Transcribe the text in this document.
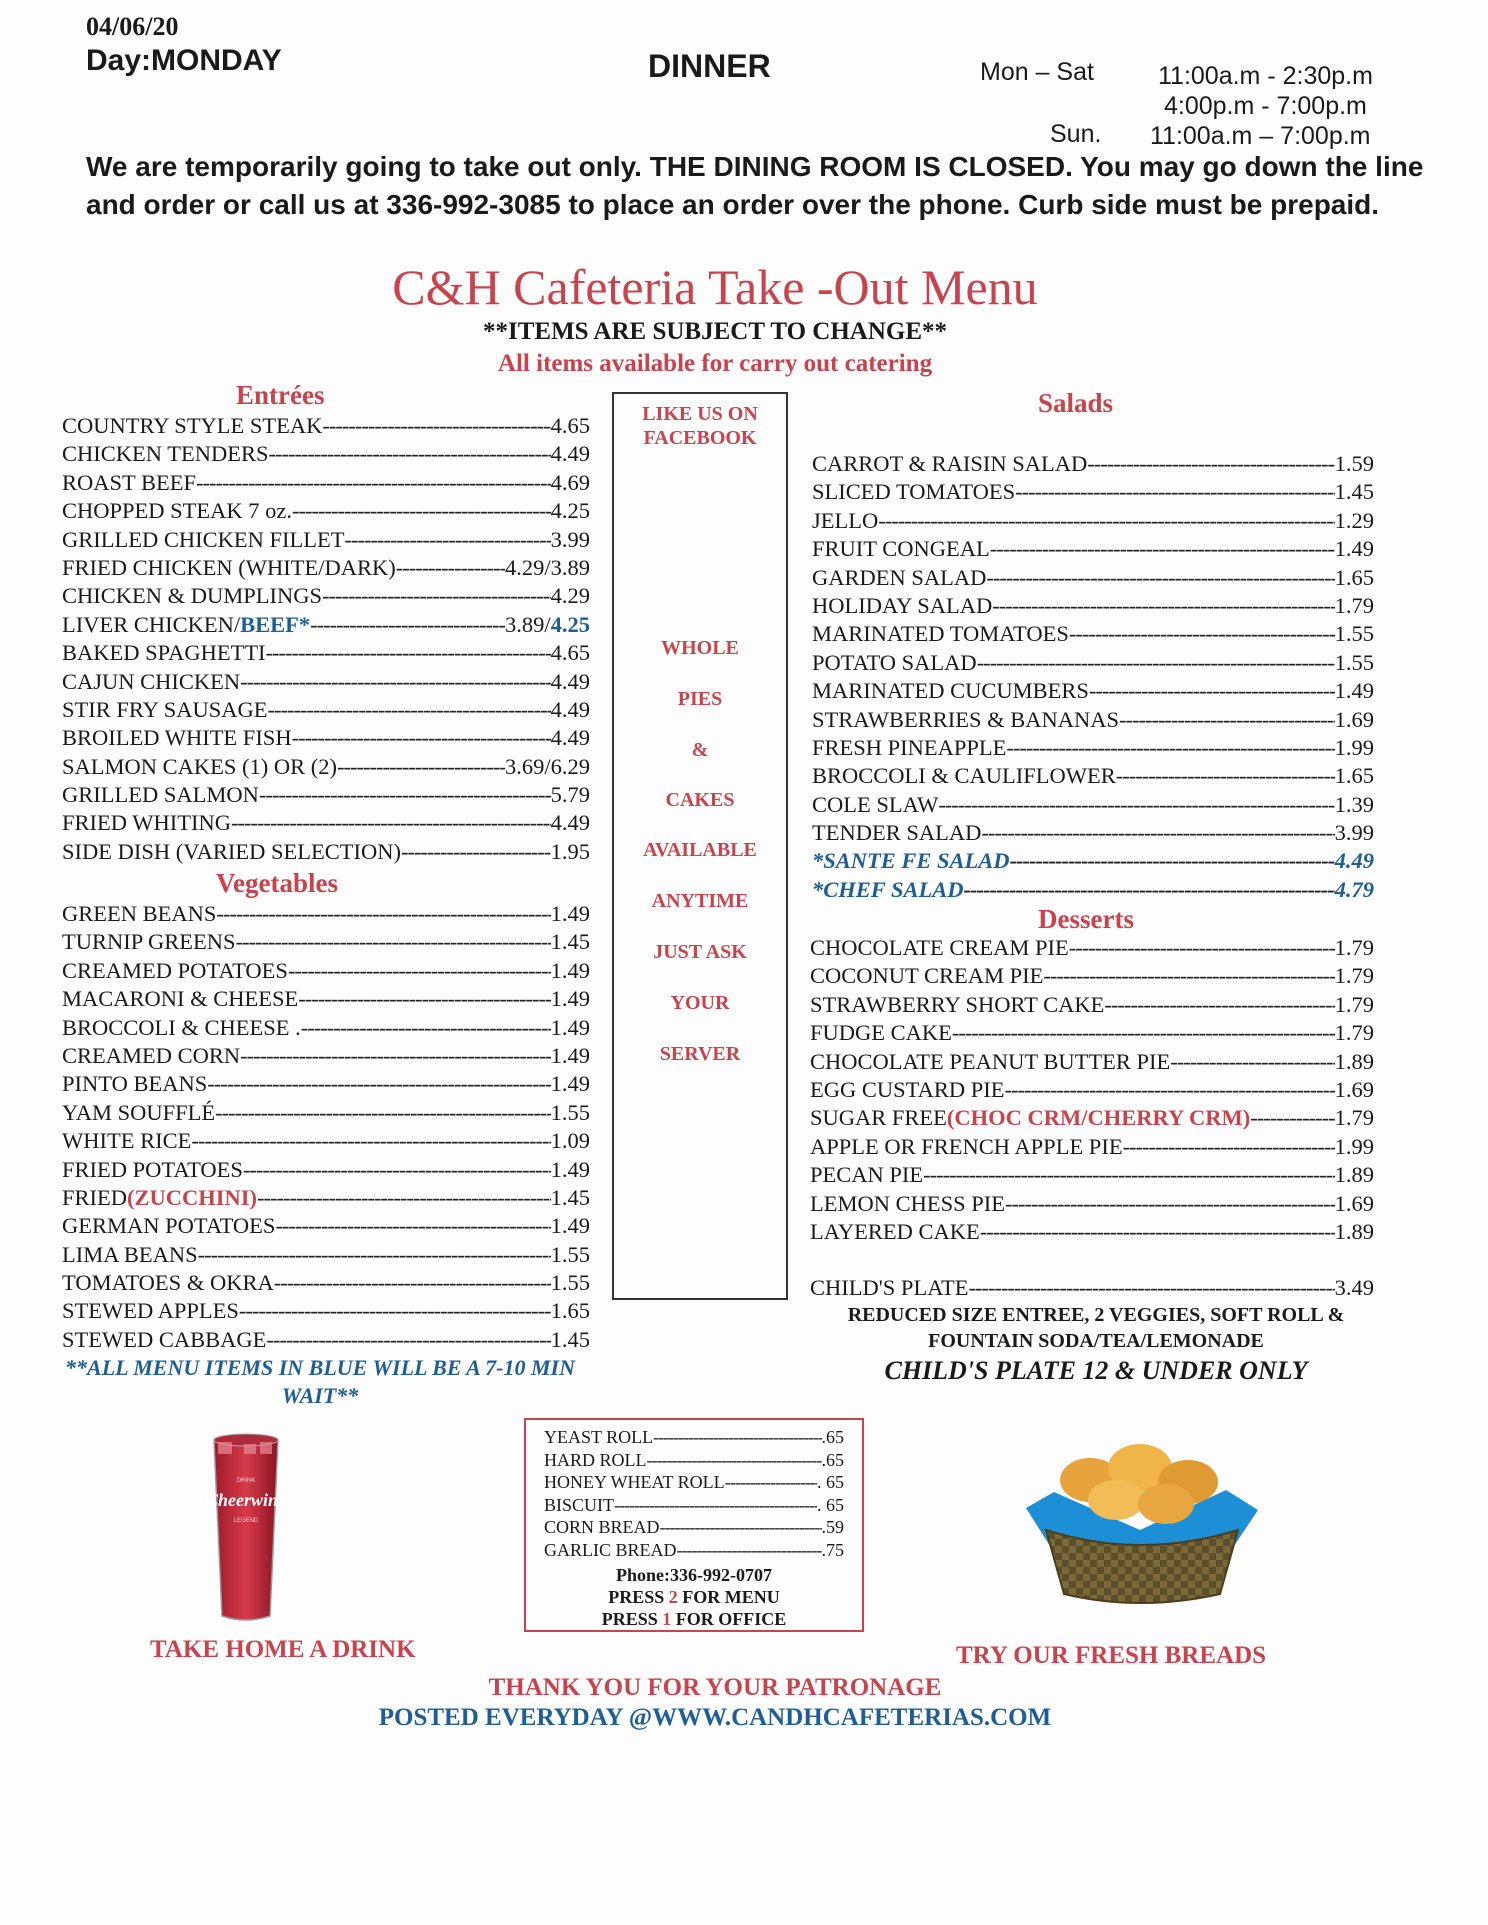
04/06/20
Day:MONDAY	DINNER	Mon – Sat	11:00a.m - 2:30p.m
4:00p.m - 7:00p.m
Sun. 11:00a.m – 7:00p.m
We are temporarily going to take out only. THE DINING ROOM IS CLOSED. You may go down the line and order or call us at 336-992-3085 to place an order over the phone. Curb side must be prepaid.
C&H Cafeteria Take -Out Menu
**ITEMS ARE SUBJECT TO CHANGE**
All items available for carry out catering
Entrées
COUNTRY STYLE STEAK -----	4.65
CHICKEN TENDERS -----	4.49
ROAST BEEF -----	4.69
CHOPPED STEAK 7 oz. -----	4.25
GRILLED CHICKEN FILLET -----	3.99
FRIED CHICKEN (WHITE/DARK) -----	4.29/3.89
CHICKEN & DUMPLINGS -----	4.29
LIVER CHICKEN/ BEEF* -----	3.89/ 4.25
BAKED SPAGHETTI -----	4.65
CAJUN CHICKEN -----	4.49
STIR FRY SAUSAGE -----	4.49
BROILED WHITE FISH -----	4.49
SALMON CAKES (1) OR (2) -----	3.69/6.29
GRILLED SALMON -----	5.79
FRIED WHITING -----	4.49
SIDE DISH (VARIED SELECTION) -----	1.95
Vegetables
GREEN BEANS -----	1.49
TURNIP GREENS -----	1.45
CREAMED POTATOES -----	1.49
MACARONI & CHEESE -----	1.49
BROCCOLI & CHEESE . -----	1.49
CREAMED CORN -----	1.49
PINTO BEANS -----	1.49
YAM SOUFFLÉ -----	1.55
WHITE RICE -----	1.09
FRIED POTATOES -----	1.49
FRIED (ZUCCHINI) -----	1.45
GERMAN POTATOES -----	1.49
LIMA BEANS -----	1.55
TOMATOES & OKRA -----	1.55
STEWED APPLES -----	1.65
STEWED CABBAGE -----	1.45
**ALL MENU ITEMS IN BLUE WILL BE A 7-10 MIN WAIT**
LIKE US ON FACEBOOK
WHOLE
PIES
&
CAKES
AVAILABLE
ANYTIME
JUST ASK
YOUR
SERVER
Salads
CARROT & RAISIN SALAD -----	1.59
SLICED TOMATOES -----	1.45
JELLO -----	1.29
FRUIT CONGEAL -----	1.49
GARDEN SALAD -----	1.65
HOLIDAY SALAD -----	1.79
MARINATED TOMATOES -----	1.55
POTATO SALAD -----	1.55
MARINATED CUCUMBERS -----	1.49
STRAWBERRIES & BANANAS -----	1.69
FRESH PINEAPPLE -----	1.99
BROCCOLI & CAULIFLOWER -----	1.65
COLE SLAW -----	1.39
TENDER SALAD -----	3.99
*SANTE FE SALAD -----	4.49
*CHEF SALAD -----	4.79
Desserts
CHOCOLATE CREAM PIE -----	1.79
COCONUT CREAM PIE -----	1.79
STRAWBERRY SHORT CAKE -----	1.79
FUDGE CAKE -----	1.79
CHOCOLATE PEANUT BUTTER PIE -----	1.89
EGG CUSTARD PIE -----	1.69
SUGAR FREE (CHOC CRM/CHERRY CRM) -----	1.79
APPLE OR FRENCH APPLE PIE -----	1.99
PECAN PIE -----	1.89
LEMON CHESS PIE -----	1.69
LAYERED CAKE -----	1.89
CHILD'S PLATE -----	3.49
REDUCED SIZE ENTREE, 2 VEGGIES, SOFT ROLL & FOUNTAIN SODA/TEA/LEMONADE
CHILD'S PLATE 12 & UNDER ONLY
DRINK
Cheerwine
LEGEND
TAKE HOME A DRINK
YEAST ROLL -----	.65
HARD ROLL -----	.65
HONEY WHEAT ROLL -----	. 65
BISCUIT -----	. 65
CORN BREAD -----	.59
GARLIC BREAD -----	.75
Phone:336-992-0707
PRESS 2 FOR MENU
PRESS 1 FOR OFFICE
TRY OUR FRESH BREADS
THANK YOU FOR YOUR PATRONAGE
POSTED EVERYDAY @WWW.CANDHCAFETERIAS.COM
